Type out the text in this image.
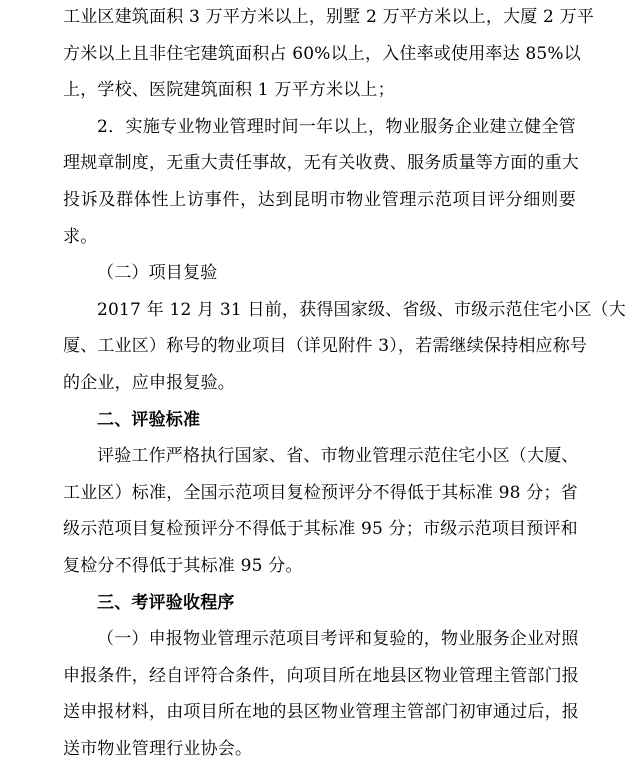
工业区建筑面积 3 万平方米以上，别墅 2 万平方米以上，大厦 2 万平
方米以上且非住宅建筑面积占 60%以上，入住率或使用率达 85%以
上，学校、医院建筑面积 1 万平方米以上；
2．实施专业物业管理时间一年以上，物业服务企业建立健全管
理规章制度，无重大责任事故，无有关收费、服务质量等方面的重大
投诉及群体性上访事件，达到昆明市物业管理示范项目评分细则要
求。
（二）项目复验
2017 年 12 月 31 日前，获得国家级、省级、市级示范住宅小区（大
厦、工业区）称号的物业项目（详见附件 3），若需继续保持相应称号
的企业，应申报复验。
二、评验标准
评验工作严格执行国家、省、市物业管理示范住宅小区（大厦、
工业区）标准，全国示范项目复检预评分不得低于其标准 98 分；省
级示范项目复检预评分不得低于其标准 95 分；市级示范项目预评和
复检分不得低于其标准 95 分。
三、考评验收程序
（一）申报物业管理示范项目考评和复验的，物业服务企业对照
申报条件，经自评符合条件，向项目所在地县区物业管理主管部门报
送申报材料，由项目所在地的县区物业管理主管部门初审通过后，报
送市物业管理行业协会。
